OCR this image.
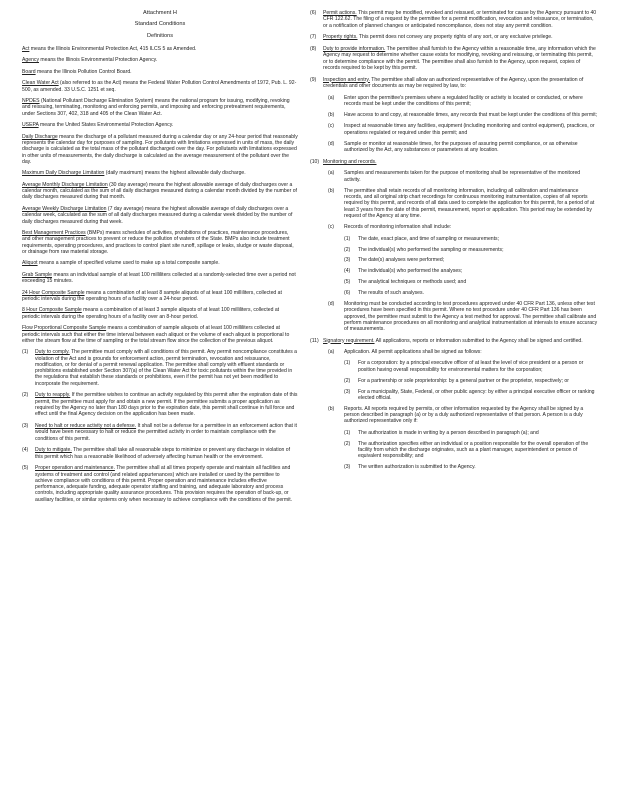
Attachment H
Standard Conditions
Definitions

Act means the Illinois Environmental Protection Act, 415 ILCS 5 as Amended.

Agency means the Illinois Environmental Protection Agency.

Board means the Illinois Pollution Control Board.

Clean Water Act (also referred to as the Act) means the Federal Water Pollution Control Amendments of 1972, Pub. L. 92-500, as amended. 33 U.S.C. 1251 et seq.

NPDES (National Pollutant Discharge Elimination System) means the national program for issuing, modifying, revoking and reissuing, terminating, monitoring and enforcing permits, and imposing and enforcing pretreatment requirements, under Sections 307, 402, 318 and 405 of the Clean Water Act.

USEPA means the United States Environmental Protection Agency.

Daily Discharge means the discharge of a pollutant measured during a calendar day or any 24-hour period that reasonably represents the calendar day for purposes of sampling. For pollutants with limitations expressed in units of mass, the daily discharge is calculated as the total mass of the pollutant discharged over the day. For pollutants with limitations expressed in other units of measurements, the daily discharge is calculated as the average measurement of the pollutant over the day.

Maximum Daily Discharge Limitation (daily maximum) means the highest allowable daily discharge.

Average Monthly Discharge Limitation (30 day average) means the highest allowable average of daily discharges over a calendar month, calculated as the sum of all daily discharges measured during a calendar month divided by the number of daily discharges measured during that month.

Average Weekly Discharge Limitation (7 day average) means the highest allowable average of daily discharges over a calendar week, calculated as the sum of all daily discharges measured during a calendar week divided by the number of daily discharges measured during that week.

Best Management Practices (BMPs) means schedules of activities, prohibitions of practices, maintenance procedures, and other management practices to prevent or reduce the pollution of waters of the State. BMPs also include treatment requirements, operating procedures, and practices to control plant site runoff, spillage or leaks, sludge or waste disposal, or drainage from raw material storage.

Aliquot means a sample of specified volume used to make up a total composite sample.

Grab Sample means an individual sample of at least 100 milliliters collected at a randomly-selected time over a period not exceeding 15 minutes.

24 Hour Composite Sample means a combination of at least 8 sample aliquots of at least 100 milliliters, collected at periodic intervals during the operating hours of a facility over a 24-hour period.

8 Hour Composite Sample means a combination of at least 3 sample aliquots of at least 100 milliliters, collected at periodic intervals during the operating hours of a facility over an 8-hour period.

Flow Proportional Composite Sample means a combination of sample aliquots of at least 100 milliliters collected at periodic intervals such that either the time interval between each aliquot or the volume of each aliquot is proportional to either the stream flow at the time of sampling or the total stream flow since the collection of the previous aliquot.

(1)	Duty to comply. The permittee must comply with all conditions of this permit. Any permit noncompliance constitutes a violation of the Act and is grounds for enforcement action, permit termination, revocation and reissuance, modification, or for denial of a permit renewal application. The permittee shall comply with effluent standards or prohibitions established under Section 307(a) of the Clean Water Act for toxic pollutants within the time provided in the regulations that establish these standards or prohibitions, even if the permit has not yet been modified to incorporate the requirement.
(2)	Duty to reapply. If the permittee wishes to continue an activity regulated by this permit after the expiration date of this permit, the permittee must apply for and obtain a new permit. If the permittee submits a proper application as required by the Agency no later than 180 days prior to the expiration date, this permit shall continue in full force and effect until the final Agency decision on the application has been made.
(3)	Need to halt or reduce activity not a defense. It shall not be a defense for a permittee in an enforcement action that it would have been necessary to halt or reduce the permitted activity in order to maintain compliance with the conditions of this permit.
(4)	Duty to mitigate. The permittee shall take all reasonable steps to minimize or prevent any discharge in violation of this permit which has a reasonable likelihood of adversely affecting human health or the environment.
(5)	Proper operation and maintenance. The permittee shall at all times properly operate and maintain all facilities and systems of treatment and control (and related appurtenances) which are installed or used by the permittee to achieve compliance with conditions of this permit. Proper operation and maintenance includes effective performance, adequate funding, adequate operator staffing and training, and adequate laboratory and process controls, including appropriate quality assurance procedures. This provision requires the operation of back-up, or auxiliary facilities, or similar systems only when necessary to achieve compliance with the conditions of the permit.
(6)	Permit actions. This permit may be modified, revoked and reissued, or terminated for cause by the Agency pursuant to 40 CFR 122.62. The filing of a request by the permittee for a permit modification, revocation and reissuance, or termination, or a notification of planned changes or anticipated noncompliance, does not stay any permit condition.
(7)	Property rights. This permit does not convey any property rights of any sort, or any exclusive privilege.
(8)	Duty to provide information. The permittee shall furnish to the Agency within a reasonable time, any information which the Agency may request to determine whether cause exists for modifying, revoking and reissuing, or terminating this permit, or to determine compliance with the permit. The permittee shall also furnish to the Agency, upon request, copies of records required to be kept by this permit.
(9)	Inspection and entry. The permittee shall allow an authorized representative of the Agency, upon the presentation of credentials and other documents as may be required by law, to:
(a)	Enter upon the permittee's premises where a regulated facility or activity is located or conducted, or where records must be kept under the conditions of this permit;
(b)	Have access to and copy, at reasonable times, any records that must be kept under the conditions of this permit;
(c)	Inspect at reasonable times any facilities, equipment (including monitoring and control equipment), practices, or operations regulated or required under this permit; and
(d)	Sample or monitor at reasonable times, for the purposes of assuring permit compliance, or as otherwise authorized by the Act, any substances or parameters at any location.
(10) Monitoring and records.
(a)	Samples and measurements taken for the purpose of monitoring shall be representative of the monitored activity.
(b)	The permittee shall retain records of all monitoring information, including all calibration and maintenance records, and all original strip chart recordings for continuous monitoring instrumentation, copies of all reports required by this permit, and records of all data used to complete the application for this permit, for a period of at least 3 years from the date of this permit, measurement, report or application. This period may be extended by request of the Agency at any time.
(c)	Records of monitoring information shall include:
(1)	The date, exact place, and time of sampling or measurements;
(2)	The individual(s) who performed the sampling or measurements;
(3)	The date(s) analyses were performed;
(4)	The individual(s) who performed the analyses;
(5)	The analytical techniques or methods used; and
(6)	The results of such analyses.
(d)	Monitoring must be conducted according to test procedures approved under 40 CFR Part 136, unless other test procedures have been specified in this permit. Where no test procedure under 40 CFR Part 136 has been approved, the permittee must submit to the Agency a test method for approval. The permittee shall calibrate and perform maintenance procedures on all monitoring and analytical instrumentation at intervals to ensure accuracy of measurements.
(11) Signatory requirement. All applications, reports or information submitted to the Agency shall be signed and certified.
(a)	Application. All permit applications shall be signed as follows:
(1)	For a corporation: by a principal executive officer of at least the level of vice president or a person or position having overall responsibility for environmental matters for the corporation;
(2)	For a partnership or sole proprietorship: by a general partner or the proprietor, respectively; or
(3)	For a municipality, State, Federal, or other public agency: by either a principal executive officer or ranking elected official.
(b)	Reports. All reports required by permits, or other information requested by the Agency shall be signed by a person described in paragraph (a) or by a duly authorized representative of that person. A person is a duly authorized representative only if:
(1)	The authorization is made in writing by a person described in paragraph (a); and
(2)	The authorization specifies either an individual or a position responsible for the overall operation of the facility from which the discharge originates, such as a plant manager, superintendent or person of equivalent responsibility; and
(3)	The written authorization is submitted to the Agency.
